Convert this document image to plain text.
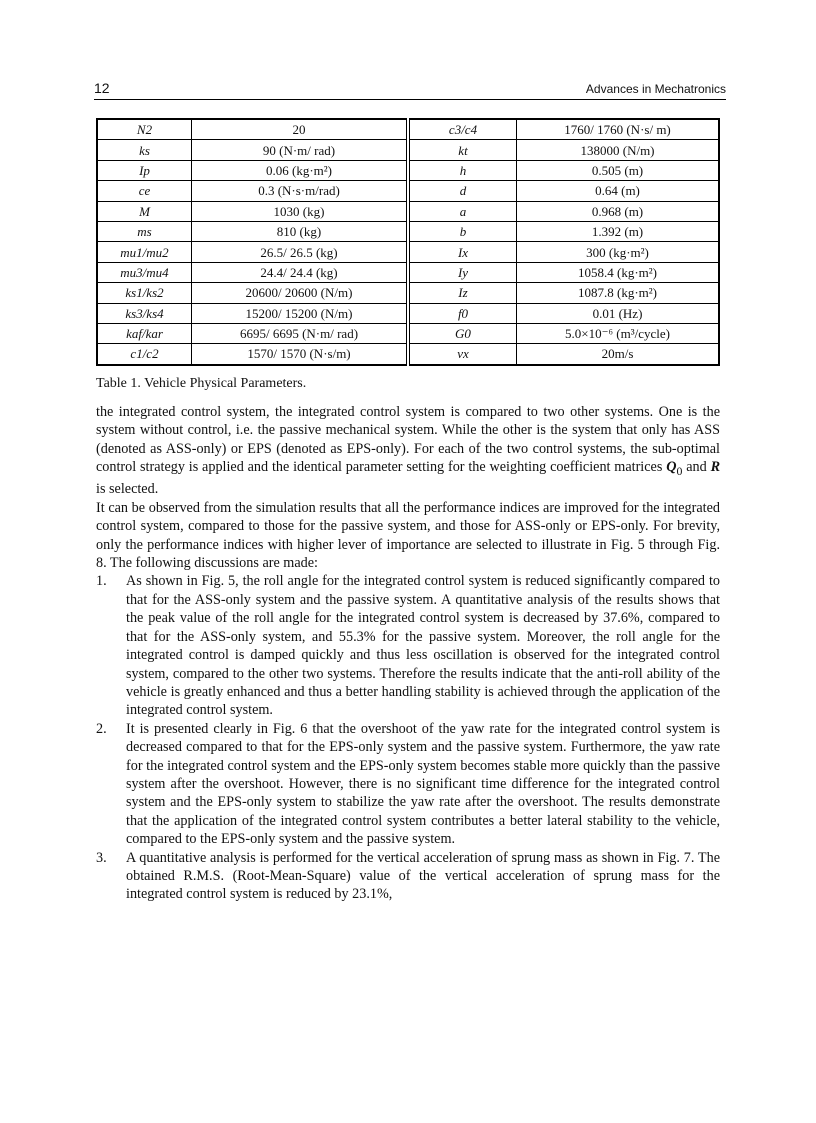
12	Advances in Mechatronics
N2	20	c3/c4	1760/ 1760 (N·s/ m)
ks	90 (N·m/ rad)	kt	138000 (N/m)
Ip	0.06 (kg·m²)	h	0.505 (m)
ce	0.3 (N·s·m/rad)	d	0.64 (m)
M	1030 (kg)	a	0.968 (m)
ms	810 (kg)	b	1.392 (m)
mu1/mu2	26.5/ 26.5 (kg)	Ix	300 (kg·m²)
mu3/mu4	24.4/ 24.4 (kg)	Iy	1058.4 (kg·m²)
ks1/ks2	20600/ 20600 (N/m)	Iz	1087.8 (kg·m²)
ks3/ks4	15200/ 15200 (N/m)	f0	0.01 (Hz)
kaf/kar	6695/ 6695 (N·m/ rad)	G0	5.0×10⁻⁶ (m³/cycle)
c1/c2	1570/ 1570 (N·s/m)	vx	20m/s
Table 1. Vehicle Physical Parameters.

the integrated control system, the integrated control system is compared to two other systems. One is the system without control, i.e. the passive mechanical system. While the other is the system that only has ASS (denoted as ASS-only) or EPS (denoted as EPS-only). For each of the two control systems, the sub-optimal control strategy is applied and the identical parameter setting for the weighting coefficient matrices $Q_0$ and R is selected.

It can be observed from the simulation results that all the performance indices are improved for the integrated control system, compared to those for the passive system, and those for ASS-only or EPS-only. For brevity, only the performance indices with higher lever of importance are selected to illustrate in Fig. 5 through Fig. 8. The following discussions are made:

1. As shown in Fig. 5, the roll angle for the integrated control system is reduced significantly compared to that for the ASS-only system and the passive system. A quantitative analysis of the results shows that the peak value of the roll angle for the integrated control system is decreased by 37.6%, compared to that for the ASS-only system, and 55.3% for the passive system. Moreover, the roll angle for the integrated control is damped quickly and thus less oscillation is observed for the integrated control system, compared to the other two systems. Therefore the results indicate that the anti-roll ability of the vehicle is greatly enhanced and thus a better handling stability is achieved through the application of the integrated control system.
2. It is presented clearly in Fig. 6 that the overshoot of the yaw rate for the integrated control system is decreased compared to that for the EPS-only system and the passive system. Furthermore, the yaw rate for the integrated control system and the EPS-only system becomes stable more quickly than the passive system after the overshoot. However, there is no significant time difference for the integrated control system and the EPS-only system to stabilize the yaw rate after the overshoot. The results demonstrate that the application of the integrated control system contributes a better lateral stability to the vehicle, compared to the EPS-only system and the passive system.
3. A quantitative analysis is performed for the vertical acceleration of sprung mass as shown in Fig. 7. The obtained R.M.S. (Root-Mean-Square) value of the vertical acceleration of sprung mass for the integrated control system is reduced by 23.1%,
